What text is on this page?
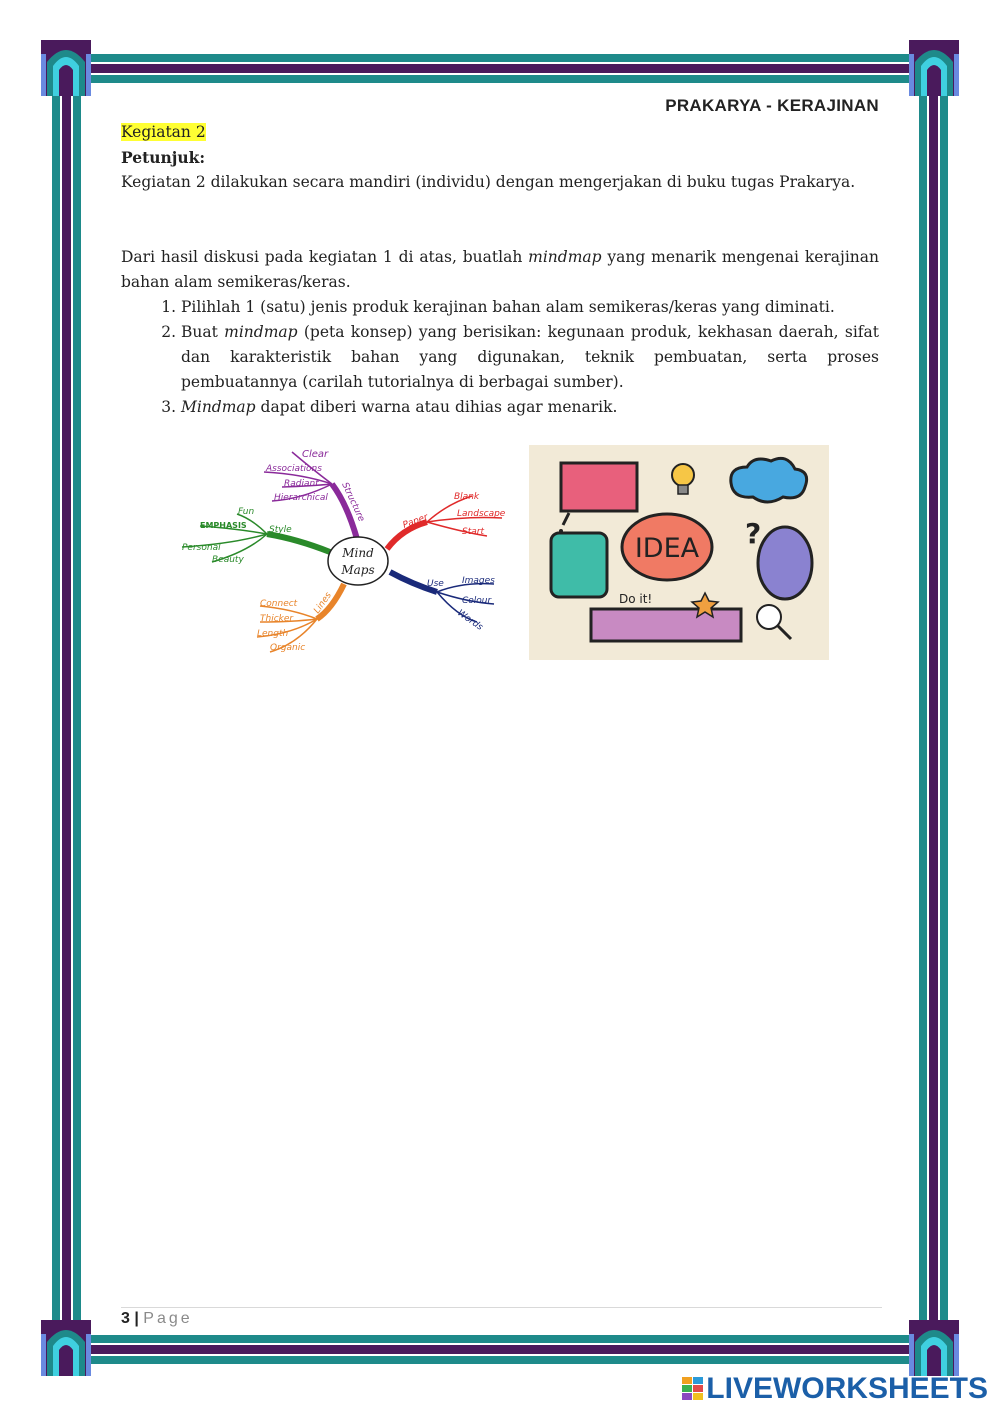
PRAKARYA - KERAJINAN
Kegiatan 2
Petunjuk:

Kegiatan 2 dilakukan secara mandiri (individu) dengan mengerjakan di buku tugas Prakarya.

Dari hasil diskusi pada kegiatan 1 di atas, buatlah mindmap yang menarik mengenai kerajinan bahan alam semikeras/keras.

1. Pilihlah 1 (satu) jenis produk kerajinan bahan alam semikeras/keras yang diminati.
2. Buat mindmap (peta konsep) yang berisikan: kegunaan produk, kekhasan daerah, sifat dan karakteristik bahan yang digunakan, teknik pembuatan, serta proses pembuatannya (carilah tutorialnya di berbagai sumber).
3. Mindmap dapat diberi warna atau dihias agar menarik.
Clear
Associations
Radiant
Hierarchical Structure
Fun
EMPHASIS
Personal
Beauty
Style
Blank
Landscape
Start
Paper
Images
Colour
Words
Use
Connect
Thicker
Length
Organic
Lines
Mind
Maps
IDEA ?
Do it!
3 | Page
LIVEWORKSHEETS
